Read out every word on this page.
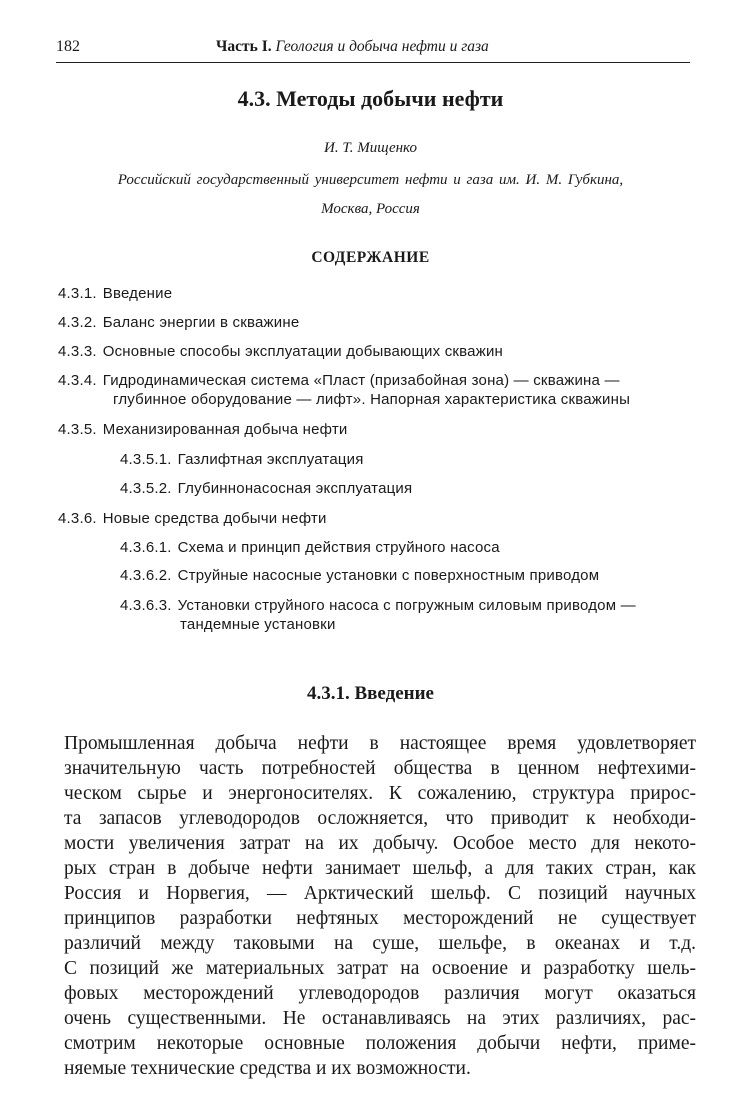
182	Часть I. Геология и добыча нефти и газа
4.3. Методы добычи нефти
И. Т. Мищенко
Российский государственный университет нефти и газа им. И. М. Губкина,
Москва, Россия
СОДЕРЖАНИЕ
4.3.1. Введение
4.3.2. Баланс энергии в скважине
4.3.3. Основные способы эксплуатации добывающих скважин
4.3.4. Гидродинамическая система «Пласт (призабойная зона) — скважина —
глубинное оборудование — лифт». Напорная характеристика скважины
4.3.5. Механизированная добыча нефти
4.3.5.1. Газлифтная эксплуатация
4.3.5.2. Глубиннонасосная эксплуатация
4.3.6. Новые средства добычи нефти
4.3.6.1. Схема и принцип действия струйного насоса
4.3.6.2. Струйные насосные установки с поверхностным приводом
4.3.6.3. Установки струйного насоса с погружным силовым приводом —
тандемные установки
4.3.1. Введение
Промышленная добыча нефти в настоящее время удовлетворяет
значительную часть потребностей общества в ценном нефтехими-
ческом сырье и энергоносителях. К сожалению, структура прирос-
та запасов углеводородов осложняется, что приводит к необходи-
мости увеличения затрат на их добычу. Особое место для некото-
рых стран в добыче нефти занимает шельф, а для таких стран, как
Россия и Норвегия, — Арктический шельф. С позиций научных
принципов разработки нефтяных месторождений не существует
различий между таковыми на суше, шельфе, в океанах и т.д.
С позиций же материальных затрат на освоение и разработку шель-
фовых месторождений углеводородов различия могут оказаться
очень существенными. Не останавливаясь на этих различиях, рас-
смотрим некоторые основные положения добычи нефти, приме-
няемые технические средства и их возможности.
